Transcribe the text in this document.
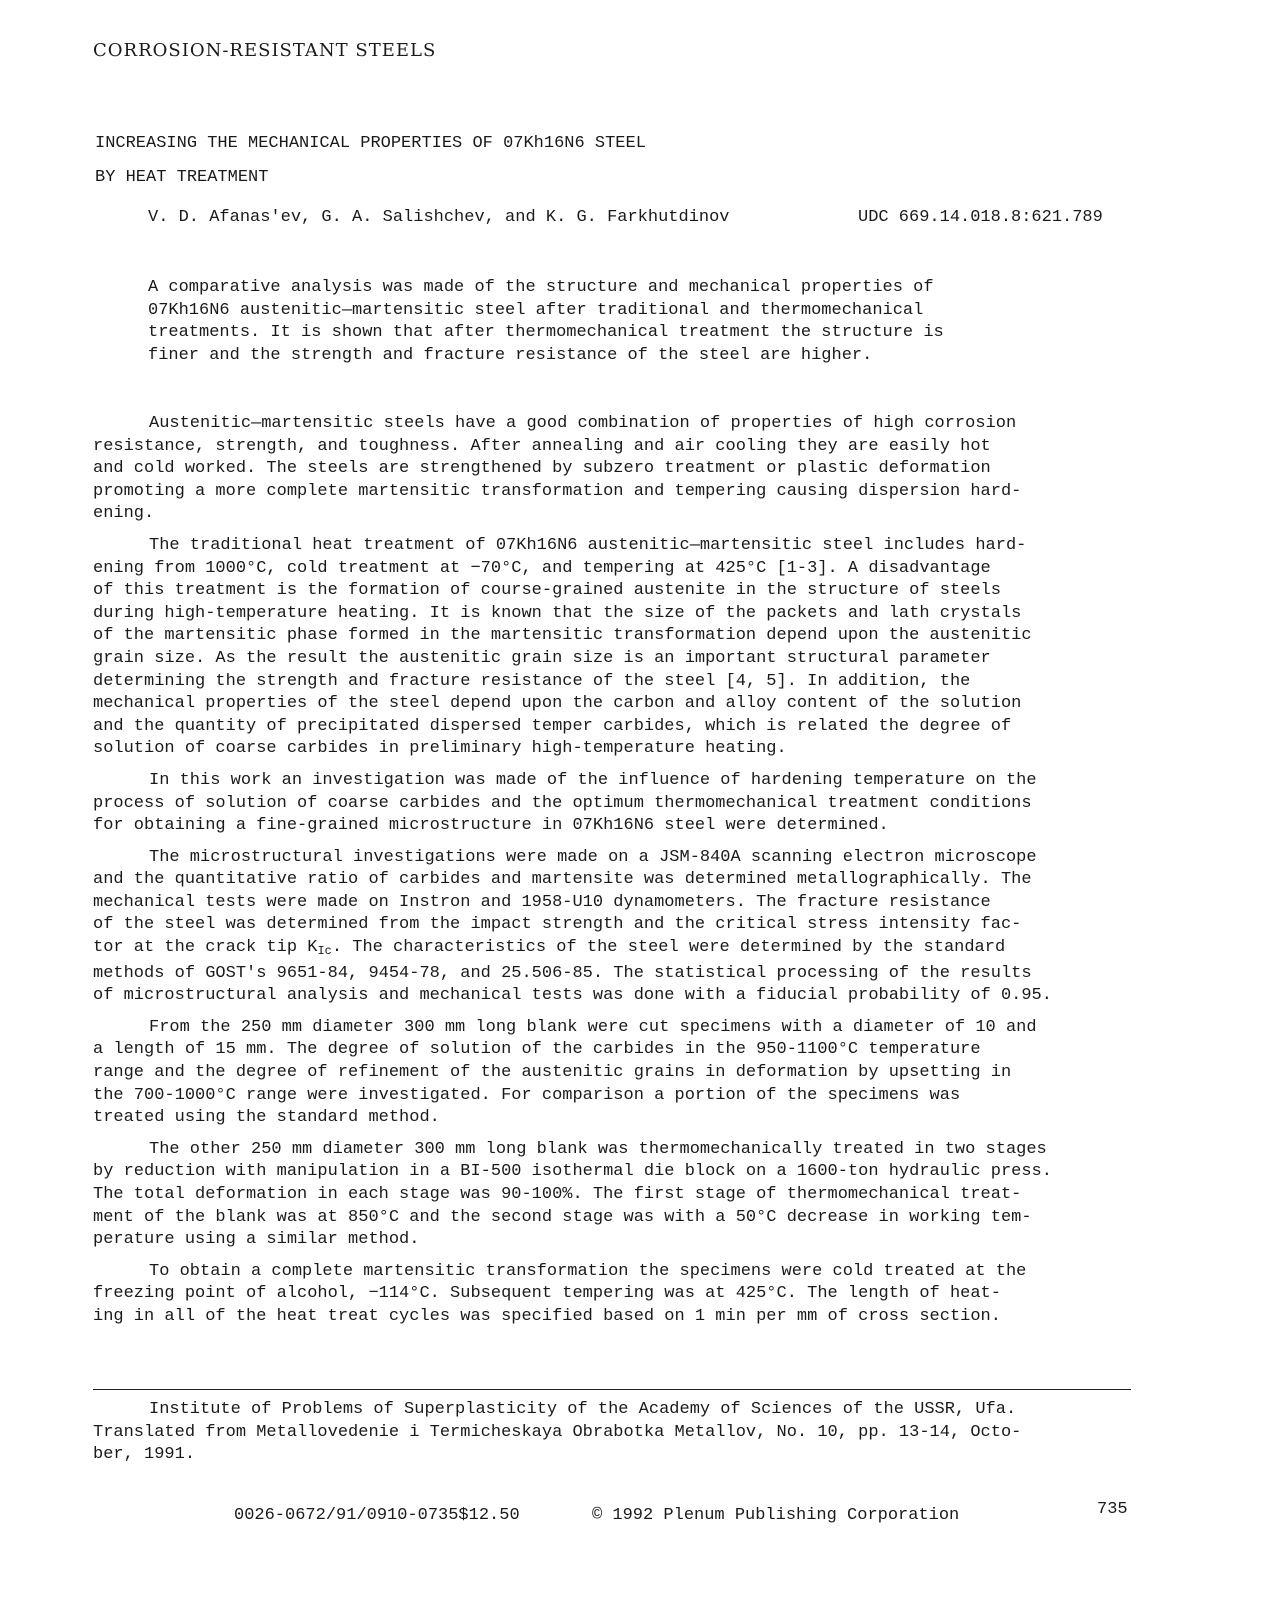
CORROSION-RESISTANT STEELS
INCREASING THE MECHANICAL PROPERTIES OF 07Kh16N6 STEEL
BY HEAT TREATMENT
V. D. Afanas'ev, G. A. Salishchev, and K. G. Farkhutdinov	UDC 669.14.018.8:621.789
A comparative analysis was made of the structure and mechanical properties of
07Kh16N6 austenitic—martensitic steel after traditional and thermomechanical
treatments. It is shown that after thermomechanical treatment the structure is
finer and the strength and fracture resistance of the steel are higher.
Austenitic—martensitic steels have a good combination of properties of high corrosion
resistance, strength, and toughness. After annealing and air cooling they are easily hot
and cold worked. The steels are strengthened by subzero treatment or plastic deformation
promoting a more complete martensitic transformation and tempering causing dispersion hard-
ening.
The traditional heat treatment of 07Kh16N6 austenitic—martensitic steel includes hard-
ening from 1000°C, cold treatment at −70°C, and tempering at 425°C [1-3]. A disadvantage
of this treatment is the formation of course-grained austenite in the structure of steels
during high-temperature heating. It is known that the size of the packets and lath crystals
of the martensitic phase formed in the martensitic transformation depend upon the austenitic
grain size. As the result the austenitic grain size is an important structural parameter
determining the strength and fracture resistance of the steel [4, 5]. In addition, the
mechanical properties of the steel depend upon the carbon and alloy content of the solution
and the quantity of precipitated dispersed temper carbides, which is related the degree of
solution of coarse carbides in preliminary high-temperature heating.
In this work an investigation was made of the influence of hardening temperature on the
process of solution of coarse carbides and the optimum thermomechanical treatment conditions
for obtaining a fine-grained microstructure in 07Kh16N6 steel were determined.
The microstructural investigations were made on a JSM-840A scanning electron microscope
and the quantitative ratio of carbides and martensite was determined metallographically. The
mechanical tests were made on Instron and 1958-U10 dynamometers. The fracture resistance
of the steel was determined from the impact strength and the critical stress intensity fac-
tor at the crack tip $K_{Ic}$. The characteristics of the steel were determined by the standard
methods of GOST's 9651-84, 9454-78, and 25.506-85. The statistical processing of the results
of microstructural analysis and mechanical tests was done with a fiducial probability of 0.95.
From the 250 mm diameter 300 mm long blank were cut specimens with a diameter of 10 and
a length of 15 mm. The degree of solution of the carbides in the 950-1100°C temperature
range and the degree of refinement of the austenitic grains in deformation by upsetting in
the 700-1000°C range were investigated. For comparison a portion of the specimens was
treated using the standard method.
The other 250 mm diameter 300 mm long blank was thermomechanically treated in two stages
by reduction with manipulation in a BI-500 isothermal die block on a 1600-ton hydraulic press.
The total deformation in each stage was 90-100%. The first stage of thermomechanical treat-
ment of the blank was at 850°C and the second stage was with a 50°C decrease in working tem-
perature using a similar method.
To obtain a complete martensitic transformation the specimens were cold treated at the
freezing point of alcohol, −114°C. Subsequent tempering was at 425°C. The length of heat-
ing in all of the heat treat cycles was specified based on 1 min per mm of cross section.
Institute of Problems of Superplasticity of the Academy of Sciences of the USSR, Ufa.
Translated from Metallovedenie i Termicheskaya Obrabotka Metallov, No. 10, pp. 13-14, Octo-
ber, 1991.
0026-0672/91/0910-0735$12.50	© 1992 Plenum Publishing Corporation	735
